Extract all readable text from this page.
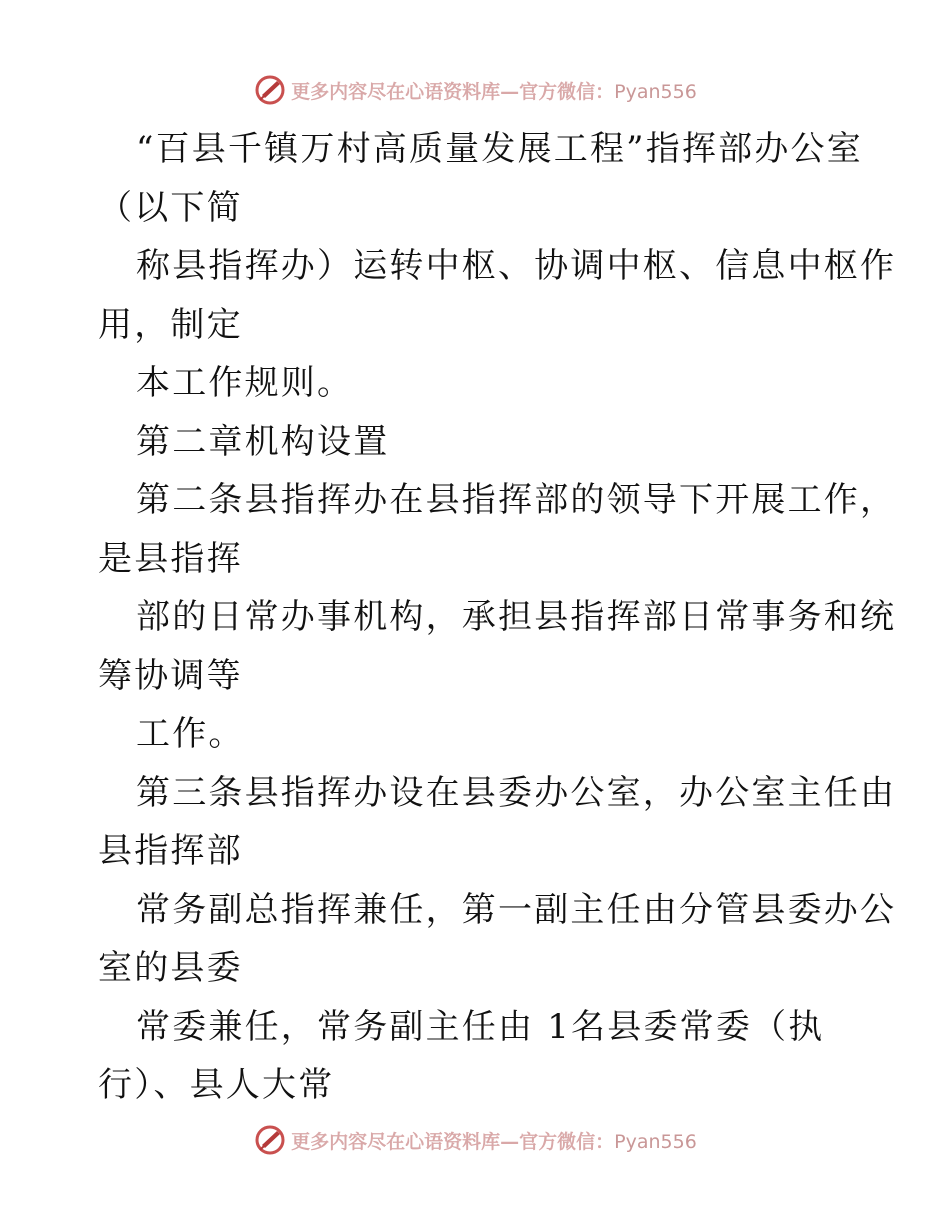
更多内容尽在心语资料库—官方微信：Pyan556
“百县千镇万村高质量发展工程”指挥部办公室
（以下简
称县指挥办）运转中枢、协调中枢、信息中枢作
用，制定
本工作规则。
第二章机构设置
第二条县指挥办在县指挥部的领导下开展工作，
是县指挥
部的日常办事机构，承担县指挥部日常事务和统
筹协调等
工作。
第三条县指挥办设在县委办公室，办公室主任由
县指挥部
常务副总指挥兼任，第一副主任由分管县委办公
室的县委
常委兼任，常务副主任由 1名县委常委（执
行）、县人大常
更多内容尽在心语资料库—官方微信：Pyan556
